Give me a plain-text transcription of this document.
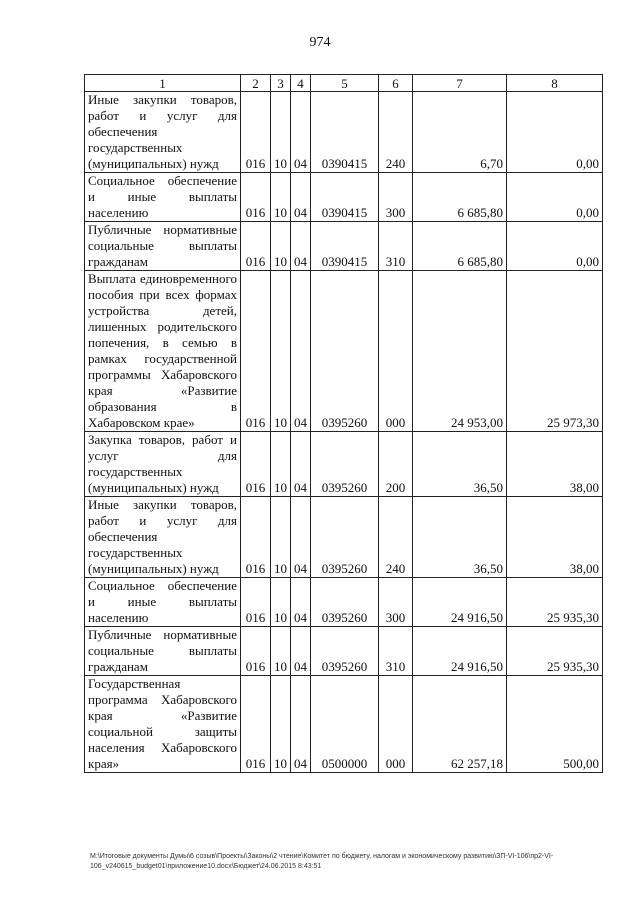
974
1	2	3	4	5	6	7	8
Иные закупки товаров, работ и услуг для обеспечения государственных (муниципальных) нужд	016	10	04	0390415	240	6,70	0,00
Социальное обеспечение и иные выплаты населению	016	10	04	0390415	300	6 685,80	0,00
Публичные нормативные социальные выплаты гражданам	016	10	04	0390415	310	6 685,80	0,00
Выплата единовременного пособия при всех формах устройства детей, лишенных родительского попечения, в семью в рамках государственной программы Хабаровского края «Развитие образования в Хабаровском крае»	016	10	04	0395260	000	24 953,00	25 973,30
Закупка товаров, работ и услуг для государственных (муниципальных) нужд	016	10	04	0395260	200	36,50	38,00
Иные закупки товаров, работ и услуг для обеспечения государственных (муниципальных) нужд	016	10	04	0395260	240	36,50	38,00
Социальное обеспечение и иные выплаты населению	016	10	04	0395260	300	24 916,50	25 935,30
Публичные нормативные социальные выплаты гражданам	016	10	04	0395260	310	24 916,50	25 935,30
Государственная программа Хабаровского края «Развитие социальной защиты населения Хабаровского края»	016	10	04	0500000	000	62 257,18	500,00
M:\Итоговые документы Думы\6 созыв\Проекты\Законы\2 чтение\Комитет по бюджету, налогам и экономическому развитию\ЗП-VI-106\пр2-VI-106_v240615_budget01\приложение10.docx\Бюджет\24.06.2015 8:43:51
